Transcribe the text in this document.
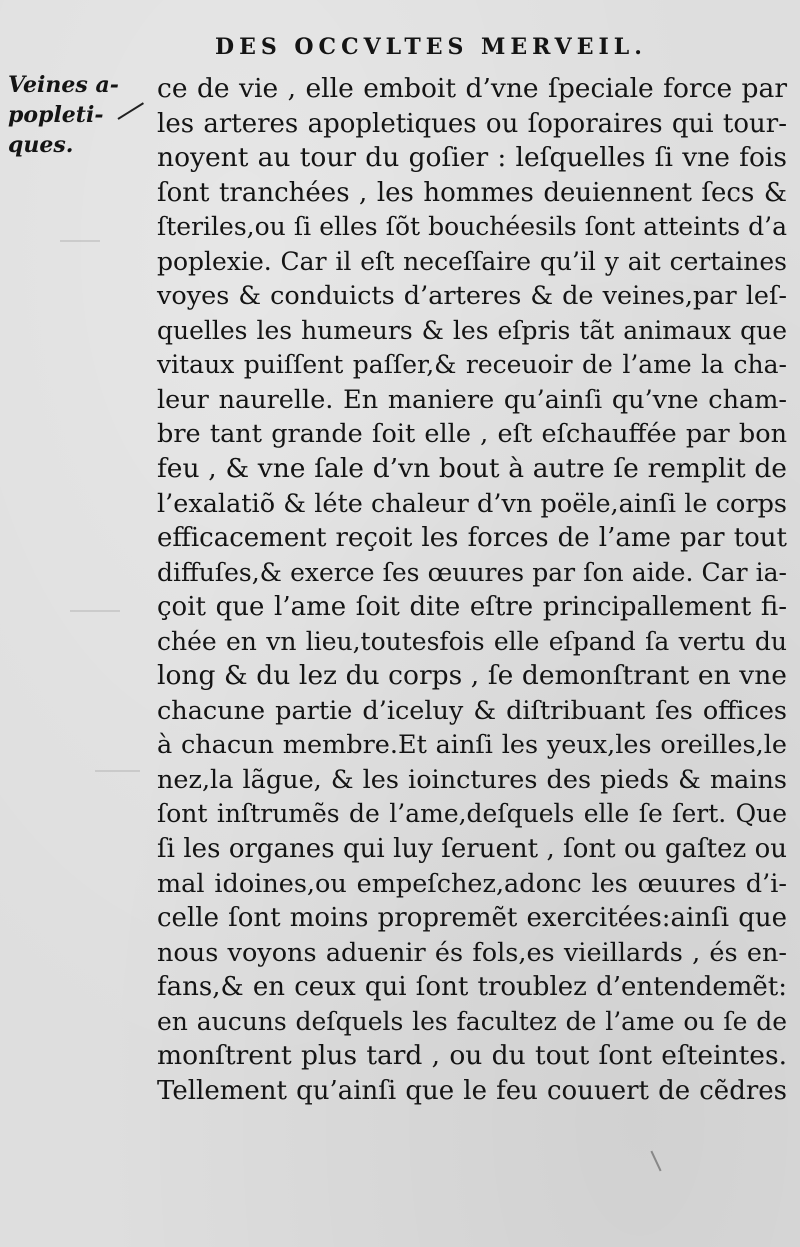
DES OCCVLTES MERVEIL.
Veines a-
popleti-
ques.
ce de vie , elle emboit d’vne ſpeciale force par
les arteres apopletiques ou ſoporaires qui tour-
noyent au tour du goſier : leſquelles ſi vne fois
ſont tranchées , les hommes deuiennent ſecs &
ſteriles,ou ſi elles ſõt bouchéesils ſont atteints d’a
poplexie. Car il eſt neceſſaire qu’il y ait certaines
voyes & conduicts d’arteres & de veines,par leſ-
quelles les humeurs & les eſpris tãt animaux que
vitaux puiſſent paſſer,& receuoir de l’ame la cha-
leur naurelle. En maniere qu’ainſi qu’vne cham-
bre tant grande ſoit elle , eſt eſchauffée par bon
feu , & vne ſale d’vn bout à autre ſe remplit de
l’exalatiõ & léte chaleur d’vn poële,ainſi le corps
efficacement reçoit les forces de l’ame par tout
diffuſes,& exerce ſes œuures par ſon aide. Car ia-
çoit que l’ame ſoit dite eſtre principallement fi-
chée en vn lieu,toutesfois elle eſpand ſa vertu du
long & du lez du corps , ſe demonſtrant en vne
chacune partie d’iceluy & diſtribuant ſes offices
à chacun membre.Et ainſi les yeux,les oreilles,le
nez,la lãgue, & les ioinctures des pieds & mains
ſont inſtrumẽs de l’ame,deſquels elle ſe ſert. Que
ſi les organes qui luy ſeruent , ſont ou gaſtez ou
mal idoines,ou empeſchez,adonc les œuures d’i-
celle ſont moins propremẽt exercitées:ainſi que
nous voyons aduenir és fols,es vieillards , és en-
fans,& en ceux qui ſont troublez d’entendemẽt:
en aucuns deſquels les facultez de l’ame ou ſe de
monſtrent plus tard , ou du tout ſont eſteintes.
Tellement qu’ainſi que le feu couuert de cẽdres
